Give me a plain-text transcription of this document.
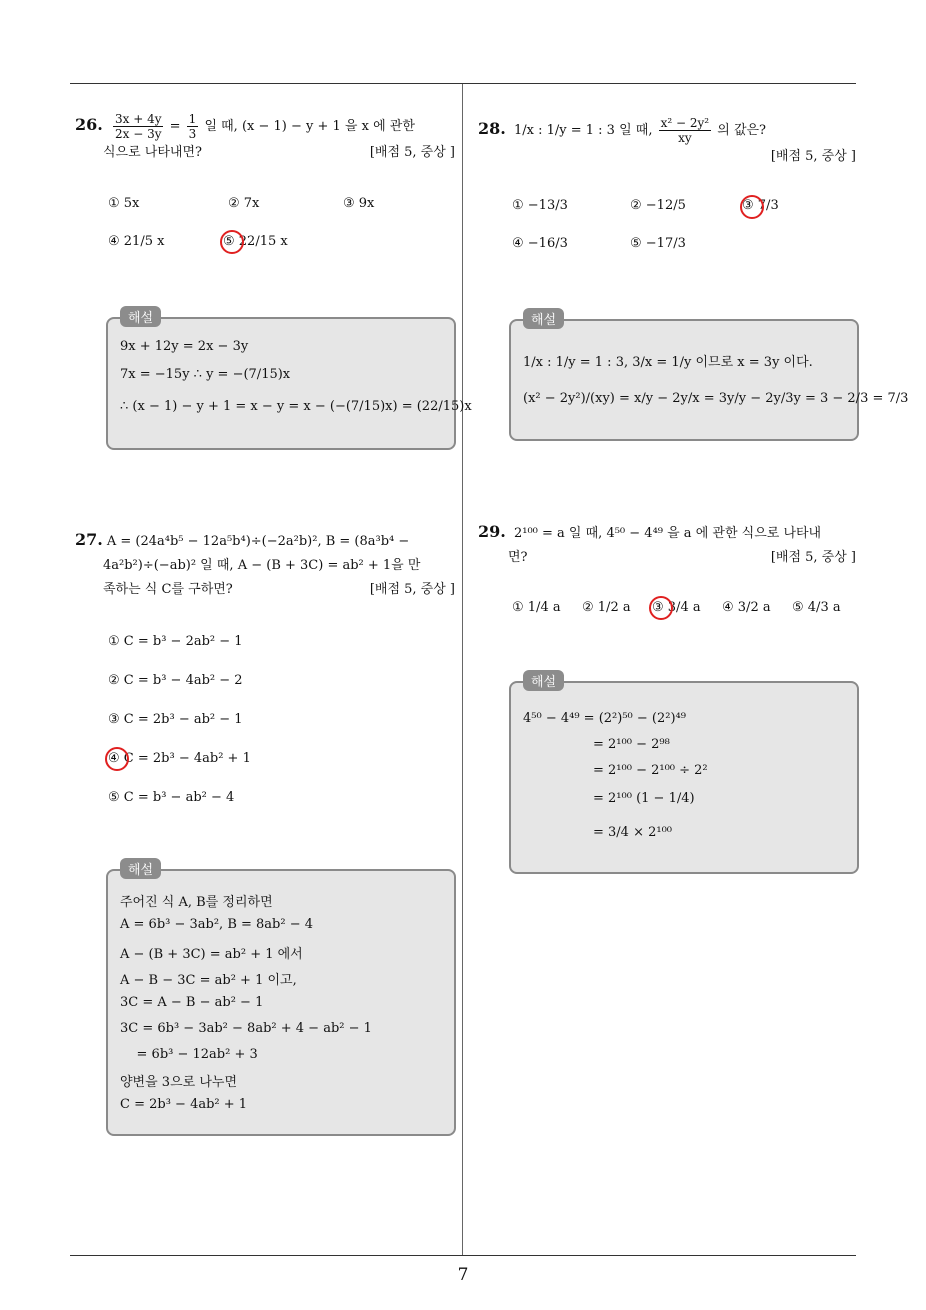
7
26. $\frac{3x + 4y}{2x - 3y} = \frac{1}{3}$ 일 때, (x − 1) − y + 1 을 x 에 관한
식으로 나타내면?	[배점 5, 중상 ]
① 5x	② 7x	③ 9x
④ 21/5 x	⑤ 22/15 x
해설
9x + 12y = 2x − 3y
7x = −15y ∴ y = −(7/15)x
∴ (x − 1) − y + 1 = x − y = x − (−(7/15)x) = (22/15)x
27. A = (24a⁴b⁵ − 12a⁵b⁴)÷(−2a²b)², B = (8a³b⁴ −
4a²b²)÷(−ab)² 일 때, A − (B + 3C) = ab² + 1을 만
족하는 식 C를 구하면?	[배점 5, 중상 ]
① C = b³ − 2ab² − 1
② C = b³ − 4ab² − 2
③ C = 2b³ − ab² − 1
④ C = 2b³ − 4ab² + 1
⑤ C = b³ − ab² − 4
해설
주어진 식 A, B를 정리하면
A = 6b³ − 3ab², B = 8ab² − 4
A − (B + 3C) = ab² + 1 에서
A − B − 3C = ab² + 1 이고,
3C = A − B − ab² − 1
3C = 6b³ − 3ab² − 8ab² + 4 − ab² − 1
= 6b³ − 12ab² + 3
양변을 3으로 나누면
C = 2b³ − 4ab² + 1
28. 1/x : 1/y = 1 : 3 일 때, $\frac{\text{x² − 2y²}}{xy}$ 의 값은?
[배점 5, 중상 ]
① −13/3	② −12/5	③ 7/3
④ −16/3	⑤ −17/3
해설
1/x : 1/y = 1 : 3, 3/x = 1/y 이므로 x = 3y 이다.
(x² − 2y²)/(xy) = x/y − 2y/x = 3y/y − 2y/3y = 3 − 2/3 = 7/3
29. 2¹⁰⁰ = a 일 때, 4⁵⁰ − 4⁴⁹ 을 a 에 관한 식으로 나타내
면?	[배점 5, 중상 ]
① 1/4 a ② 1/2 a ③ 3/4 a ④ 3/2 a ⑤ 4/3 a
해설
4⁵⁰ − 4⁴⁹ = (2²)⁵⁰ − (2²)⁴⁹
= 2¹⁰⁰ − 2⁹⁸
= 2¹⁰⁰ − 2¹⁰⁰ ÷ 2²
= 2¹⁰⁰ (1 − 1/4)
= 3/4 × 2¹⁰⁰
